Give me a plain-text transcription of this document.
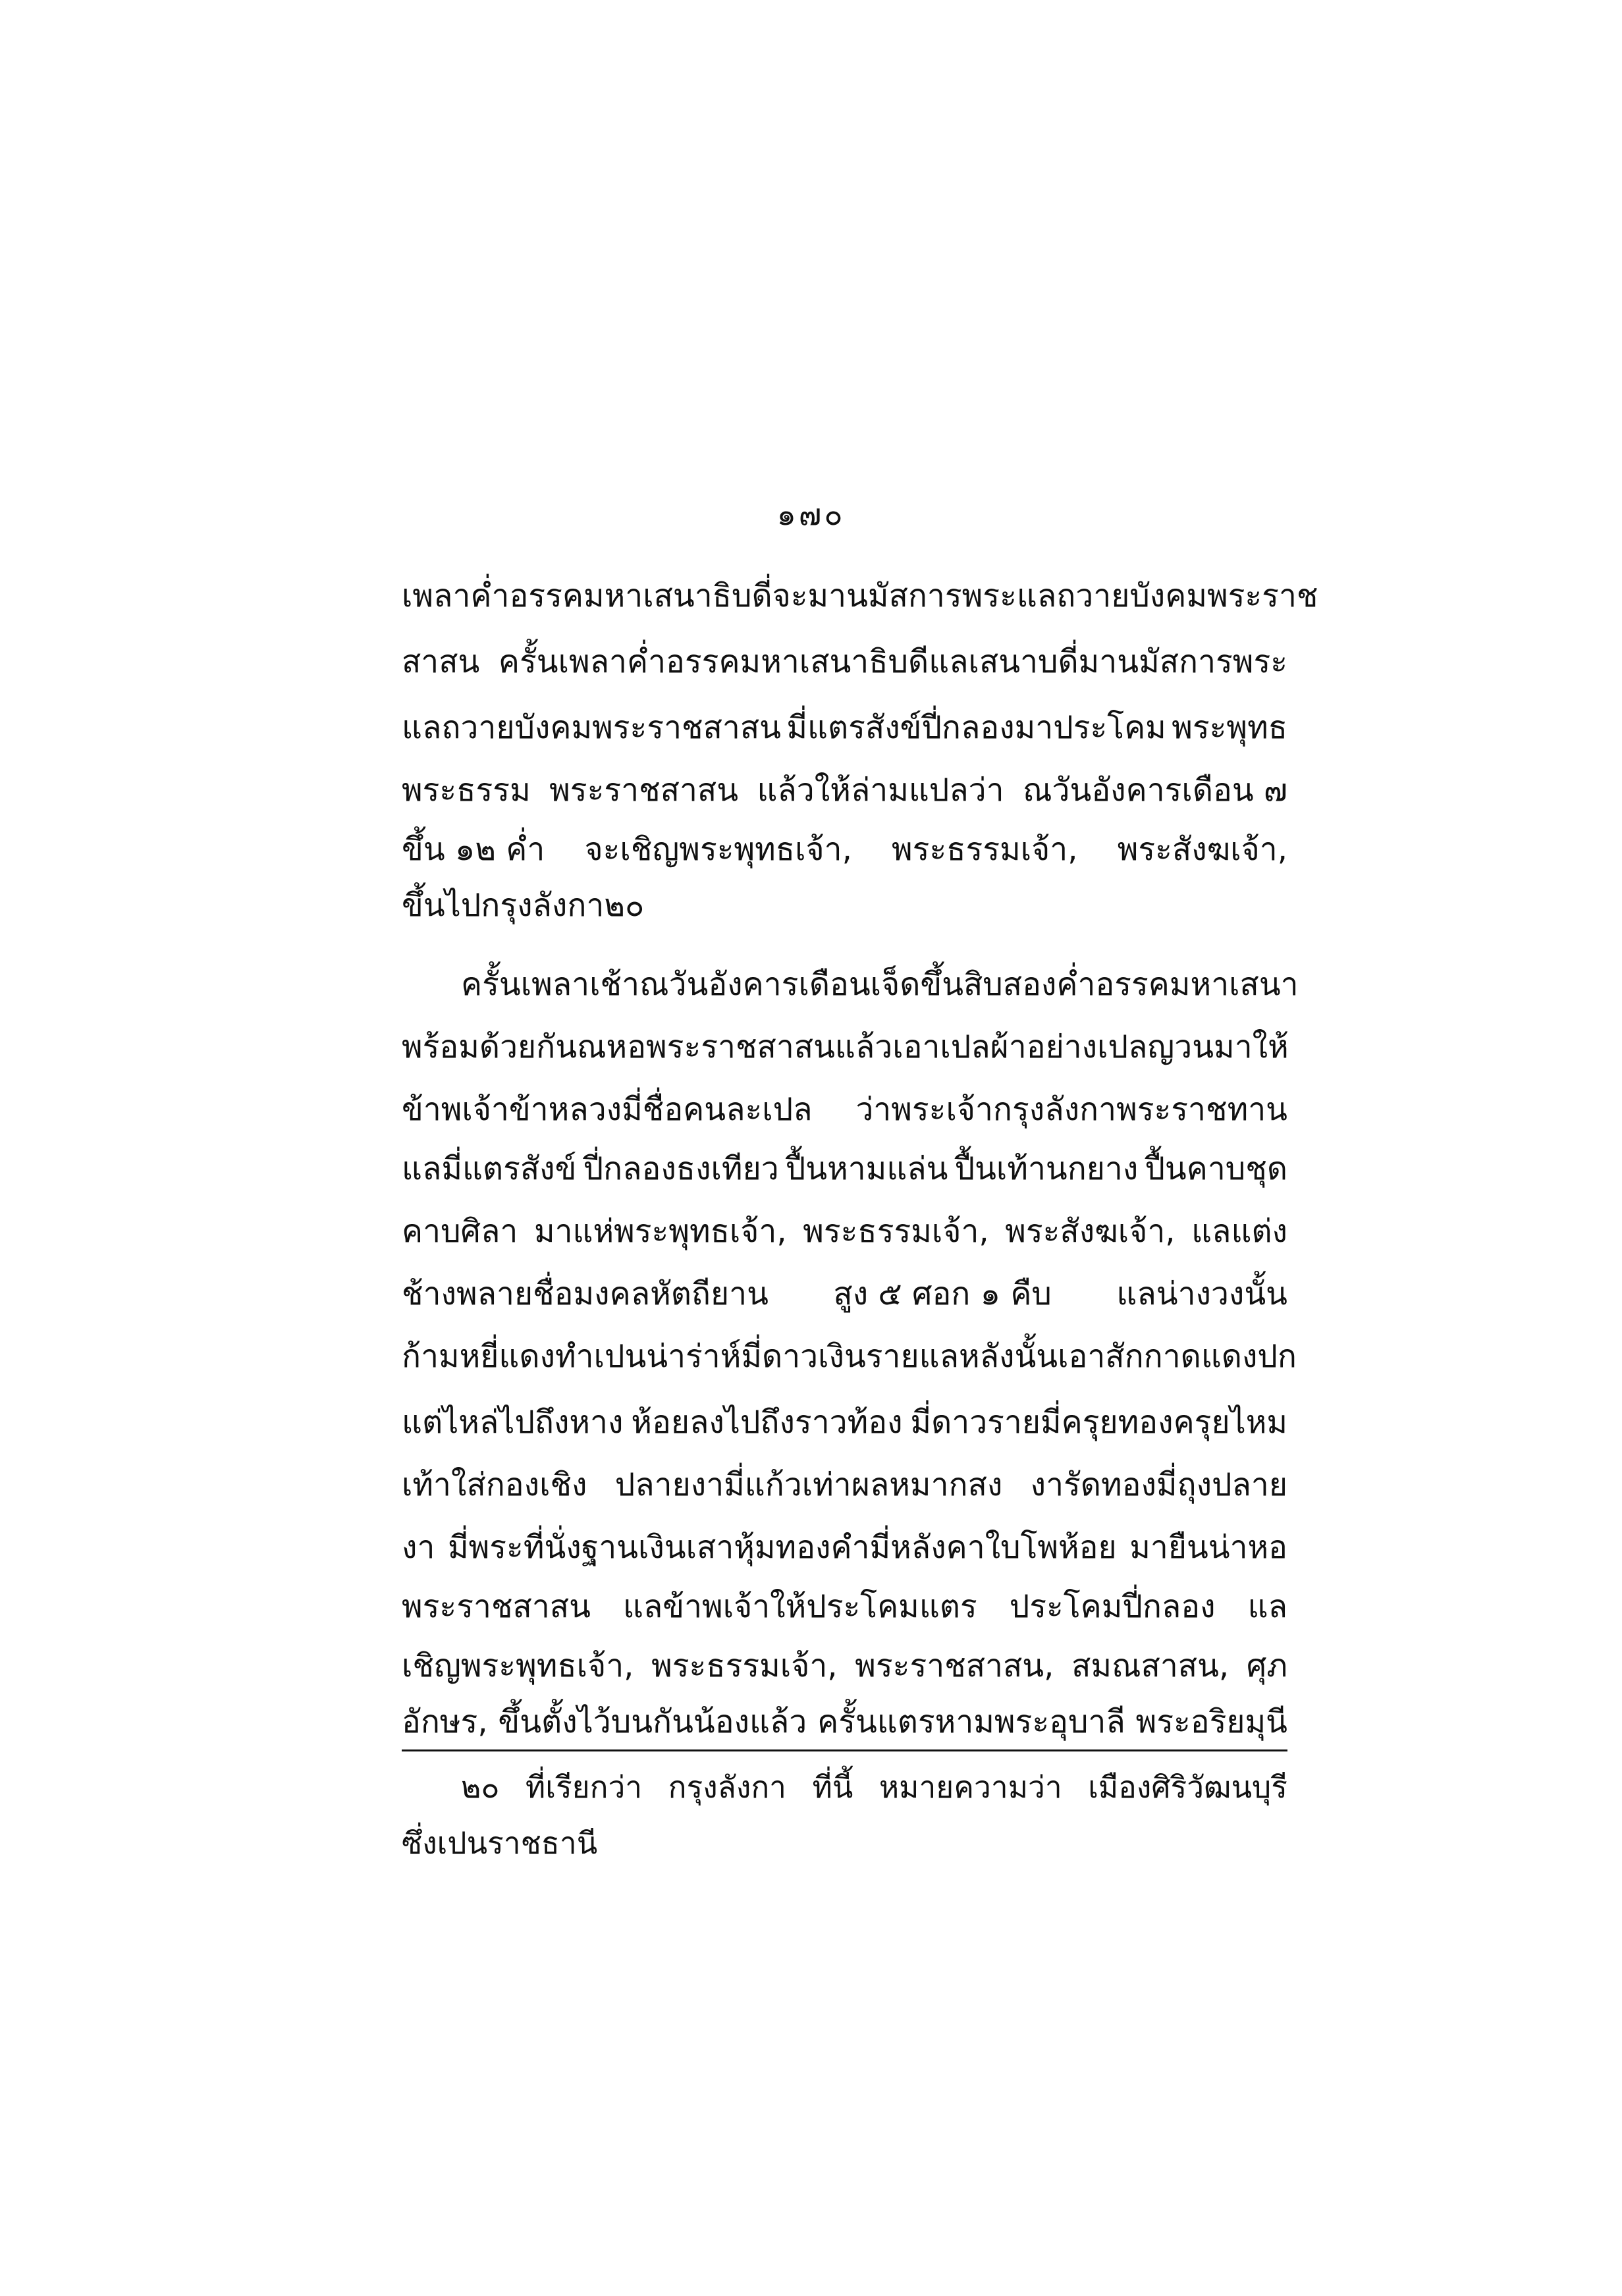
๑๗๐
เพลาค่ำอรรคมหาเสนาธิบดี่จะมานมัสการพระ แลถวายบังคมพระราช
สาสน ครั้นเพลาค่ำอรรคมหาเสนาธิบดีแลเสนาบดี่มานมัสการพระ
แลถวายบังคมพระราชสาสน มี่แตรสังข์ปี่กลองมาประโคม พระพุทธ
พระธรรม พระราชสาสน แล้วให้ล่ามแปลว่า ณวันอังคารเดือน ๗
ขึ้น ๑๒ ค่ำ จะเชิญพระพุทธเจ้า, พระธรรมเจ้า, พระสังฆเจ้า,
ขึ้นไปกรุงลังกา๒๐
ครั้นเพลาเช้าณวันอังคารเดือนเจ็ดขึ้นสิบสองค่ำ อรรคมหาเสนา
พร้อมด้วยกันณหอพระราชสาสนแล้ว เอาเปลผ้าอย่างเปลญวนมาให้
ข้าพเจ้าข้าหลวงมี่ชื่อคนละเปล ว่าพระเจ้ากรุงลังกาพระราชทาน
แลมี่แตรสังข์ ปี่กลองธงเทียว ปื้นหามแล่น ปื้นเท้านกยาง ปื้นคาบชุด
คาบศิลา มาแห่พระพุทธเจ้า, พระธรรมเจ้า, พระสังฆเจ้า, แลแต่ง
ช้างพลายชื่อมงคลหัตถียาน สูง ๕ ศอก ๑ คืบ แลน่างวงนั้น
ก้ามหยี่แดงทำเปนน่าร่าห์มี่ดาวเงินราย แลหลังนั้นเอาสักกาดแดงปก
แต่ไหล่ไปถึงหาง ห้อยลงไปถึงราวท้อง มี่ดาวรายมี่ครุยทองครุยไหม
เท้าใส่กองเชิง ปลายงามี่แก้วเท่าผลหมากสง งารัดทองมี่ถุงปลาย
งา มี่พระที่นั่งฐานเงินเสาหุ้มทองคำมี่หลังคาใบโพห้อย มายืนน่าหอ
พระราชสาสน แลข้าพเจ้าให้ประโคมแตร ประโคมปี่กลอง แล
เชิญพระพุทธเจ้า, พระธรรมเจ้า, พระราชสาสน, สมณสาสน, ศุภ
อักษร, ขึ้นตั้งไว้บนกันน้องแล้ว ครั้นแตรหามพระอุบาลี พระอริยมุนี
๒๐ ที่เรียกว่า กรุงลังกา ที่นี้ หมายความว่า เมืองศิริวัฒนบุรี
ซึ่งเปนราชธานี
